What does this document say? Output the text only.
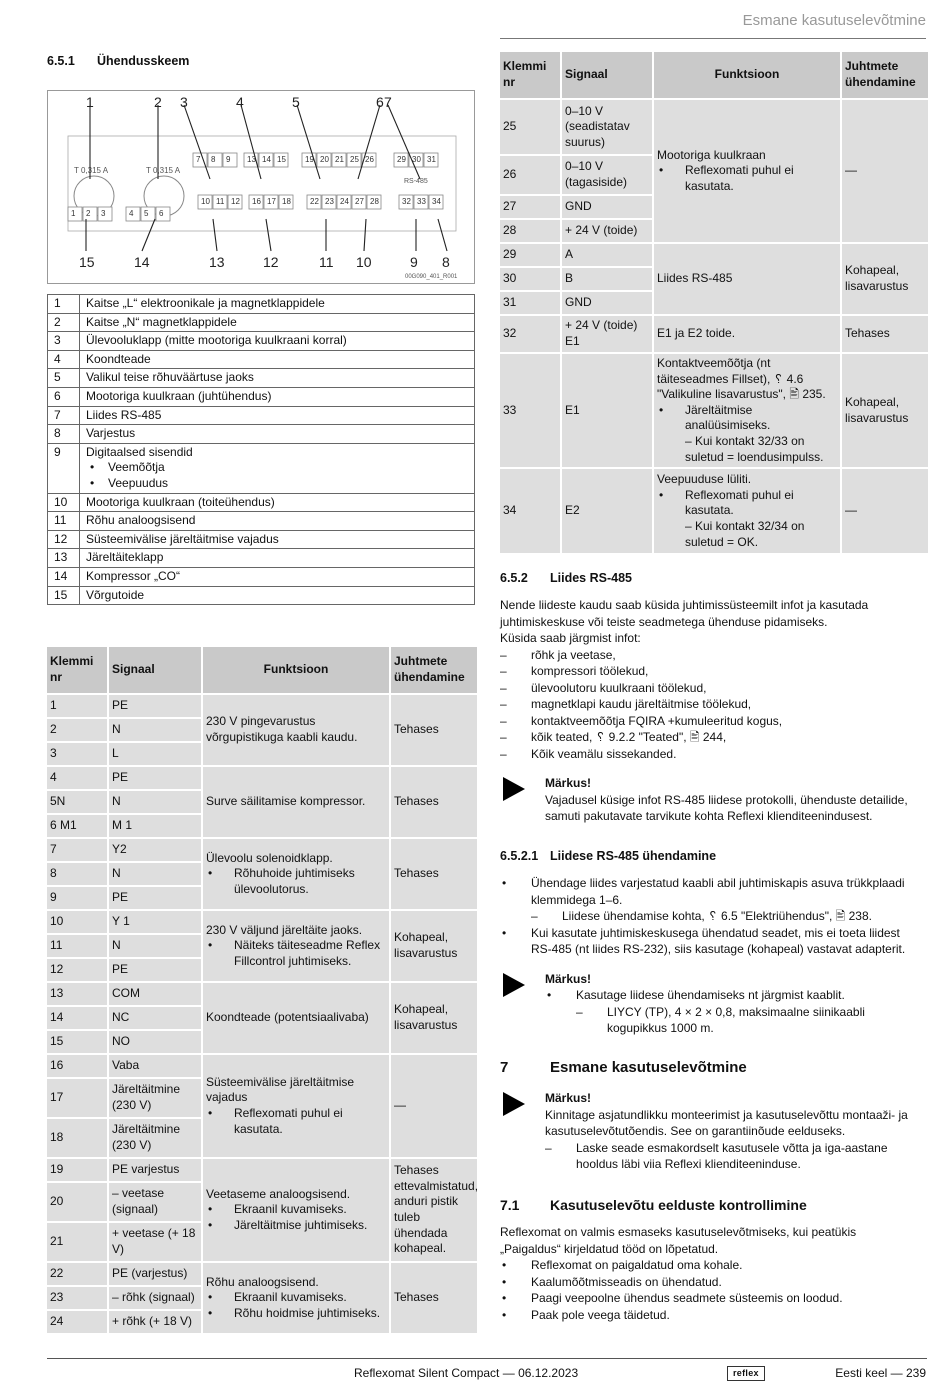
Esmane kasutuselevõtmine
6.5.1 Ühendusskeem
T 0,315 A	T 0,315 A
RS-485
7 8 9 13 14 15 19 20 21 25 26	29 30 31
10 11 12 16 17 18 22 23 24 27 28	32 33 34
1 2 3	4 5 6
1	2 3	4	5	6 7
15	14	13	12	11 10	9 8
00G090_401_R001
1	Kaitse „L“ elektroonikale ja magnetklappidele
2	Kaitse „N“ magnetklappidele
3	Ülevooluklapp (mitte mootoriga kuulkraani korral)
4	Koondteade
5	Valikul teise rõhuväärtuse jaoks
6	Mootoriga kuulkraan (juhtühendus)
7	Liides RS-485
8	Varjestus
9	Digitaalsed sisendid
• Veemõõtja
• Veepuudus

10	Mootoriga kuulkraan (toiteühendus)
11	Rõhu analoogsisend
12	Süsteemivälise järeltäitmise vajadus
13	Järeltäiteklapp
14	Kompressor „CO“
15	Võrgutoide
Klemmi nr	Signaal	Funktsioon	Juhtmete ühendamine
1	PE	230 V pingevarustus võrgupistikuga kaabli kaudu.	Tehases
2	N		
3	L		
4	PE	Surve säilitamise kompressor.	Tehases
5N	N		
6 M1	M 1		
7	Y2	Ülevoolu solenoidklapp.
• Rõhuhoide juhtimiseks ülevoolutorus.	Tehases
8	N		
9	PE		
10	Y 1	230 V väljund järeltäite jaoks.
• Näiteks täiteseadme Reflex Fillcontrol juhtimiseks.	Kohapeal, lisavarustus
11	N		
12	PE		
13	COM	Koondteade (potentsiaalivaba)	Kohapeal, lisavarustus
14	NC		
15	NO		
16	Vaba	Süsteemivälise järeltäitmise vajadus
• Reflexomati puhul ei kasutata.	—
17	Järeltäitmine (230 V)		
18	Järeltäitmine (230 V)		
19	PE varjestus	Veetaseme analoogsisend.
• Ekraanil kuvamiseks.
• Järeltäitmise juhtimiseks.	Tehases ettevalmistatud, anduri pistik tuleb ühendada kohapeal.
20	– veetase (signaal)		
21	+ veetase (+ 18 V)		
22	PE (varjestus)	Rõhu analoogsisend.
• Ekraanil kuvamiseks.
• Rõhu hoidmise juhtimiseks.	Tehases
23	– rõhk (signaal)		
24	+ rõhk (+ 18 V)		
Klemmi nr	Signaal	Funktsioon	Juhtmete ühendamine
25	0–10 V (seadistatav suurus)	Mootoriga kuulkraan
• Reflexomati puhul ei kasutata.	—
26	0–10 V (tagasiside)		
27	GND		
28	+ 24 V (toide)		
29	A	Liides RS-485	Kohapeal, lisavarustus
30	B		
31	GND		
32	+ 24 V (toide) E1	E1 ja E2 toide.	Tehases
33	E1	Kontaktveemõõtja (nt täiteseadmes Fillset), ␦ 4.6 "Valikuline lisavarustus", 🖹 235.
• Järeltäitmise analüüsimiseks.
– Kui kontakt 32/33 on suletud = loendusimpulss.	Kohapeal, lisavarustus
34	E2	Veepuuduse lüliti.
• Reflexomati puhul ei kasutata.
– Kui kontakt 32/34 on suletud = OK.	—
6.5.2 Liides RS-485
Nende liideste kaudu saab küsida juhtimissüsteemilt infot ja kasutada juhtimiskeskuse või teiste seadmetega ühenduse pidamiseks.
Küsida saab järgmist infot:
– rõhk ja veetase,
– kompressori töölekud,
– ülevoolutoru kuulkraani töölekud,
– magnetklapi kaudu järeltäitmise töölekud,
– kontaktveemõõtja FQIRA +kumuleeritud kogus,
– kõik teated, ␦ 9.2.2 "Teated", 🖹 244,
– Kõik veamälu sissekanded.
Märkus!
Vajadusel küsige infot RS-485 liidese protokolli, ühenduste detailide, samuti pakutavate tarvikute kohta Reflexi klienditeenindusest.
6.5.2.1 Liidese RS-485 ühendamine
• Ühendage liides varjestatud kaabli abil juhtimiskapis asuva trükkplaadi klemmidega 1–6.
– Liidese ühendamise kohta, ␦ 6.5 "Elektriühendus", 🖹 238.
• Kui kasutate juhtimiskeskusega ühendatud seadet, mis ei toeta liidest RS-485 (nt liides RS-232), siis kasutage (kohapeal) vastavat adapterit.
Märkus!
• Kasutage liidese ühendamiseks nt järgmist kaablit.
– LIYCY (TP), 4 × 2 × 0,8, maksimaalne siinikaabli kogupikkus 1000 m.
7	Esmane kasutuselevõtmine
Märkus!
Kinnitage asjatundlikku monteerimist ja kasutuselevõttu montaaži- ja kasutuselevõtutõendis. See on garantiinõude eelduseks.
– Laske seade esmakordselt kasutusele võtta ja iga-aastane hooldus läbi viia Reflexi klienditeeninduse.
7.1 Kasutuselevõtu eelduste kontrollimine
Reflexomat on valmis esmaseks kasutuselevõtmiseks, kui peatükis „Paigaldus“ kirjeldatud tööd on lõpetatud.
• Reflexomat on paigaldatud oma kohale.
• Kaalumõõtmisseadis on ühendatud.
• Paagi veepoolne ühendus seadmete süsteemis on loodud.
• Paak pole veega täidetud.
Reflexomat Silent Compact — 06.12.2023	reflex	Eesti keel — 239
